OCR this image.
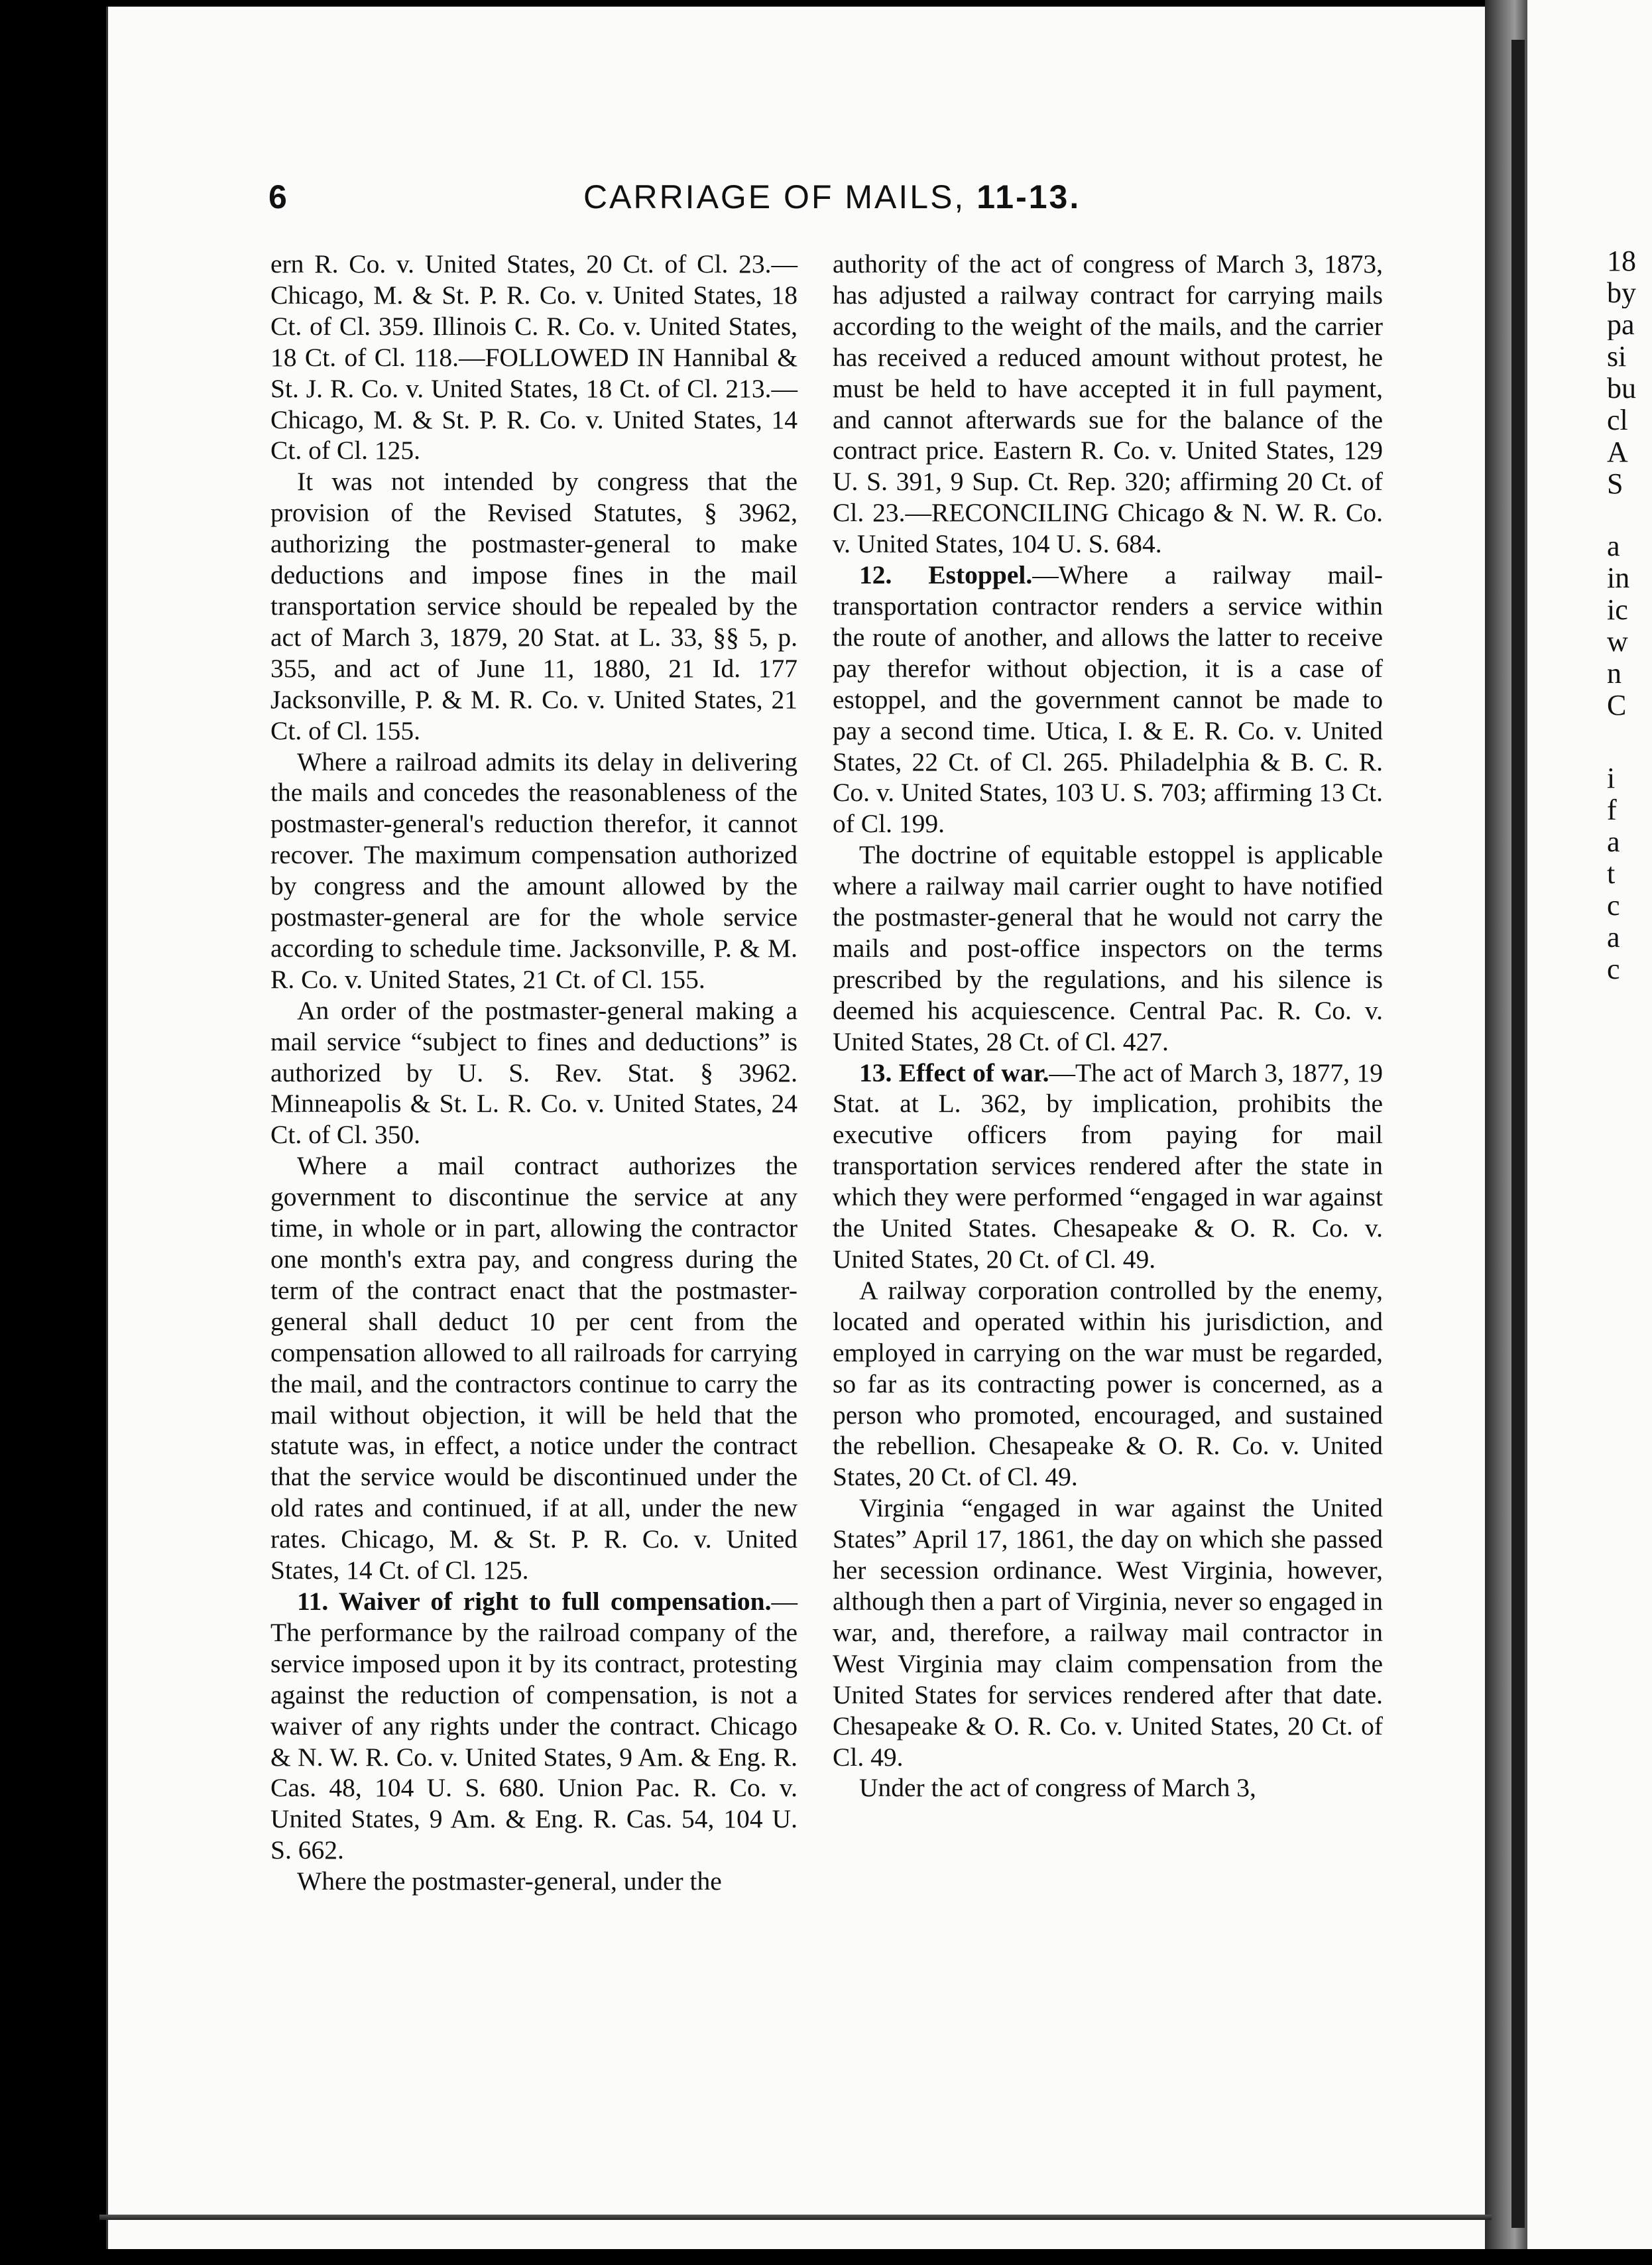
6	CARRIAGE OF MAILS, 11-13.

ern R. Co. v. United States, 20 Ct. of Cl. 23.—Chicago, M. & St. P. R. Co. v. United States, 18 Ct. of Cl. 359. Illinois C. R. Co. v. United States, 18 Ct. of Cl. 118.—FOLLOWED IN Hannibal & St. J. R. Co. v. United States, 18 Ct. of Cl. 213.—Chicago, M. & St. P. R. Co. v. United States, 14 Ct. of Cl. 125.

It was not intended by congress that the provision of the Revised Statutes, § 3962, authorizing the postmaster-general to make deductions and impose fines in the mail transportation service should be repealed by the act of March 3, 1879, 20 Stat. at L. 33, §§ 5, p. 355, and act of June 11, 1880, 21 Id. 177 Jacksonville, P. & M. R. Co. v. United States, 21 Ct. of Cl. 155.

Where a railroad admits its delay in delivering the mails and concedes the reasonableness of the postmaster-general's reduction therefor, it cannot recover. The maximum compensation authorized by congress and the amount allowed by the postmaster-general are for the whole service according to schedule time. Jacksonville, P. & M. R. Co. v. United States, 21 Ct. of Cl. 155.

An order of the postmaster-general making a mail service “subject to fines and deductions” is authorized by U. S. Rev. Stat. § 3962. Minneapolis & St. L. R. Co. v. United States, 24 Ct. of Cl. 350.

Where a mail contract authorizes the government to discontinue the service at any time, in whole or in part, allowing the contractor one month's extra pay, and congress during the term of the contract enact that the postmaster-general shall deduct 10 per cent from the compensation allowed to all railroads for carrying the mail, and the contractors continue to carry the mail without objection, it will be held that the statute was, in effect, a notice under the contract that the service would be discontinued under the old rates and continued, if at all, under the new rates. Chicago, M. & St. P. R. Co. v. United States, 14 Ct. of Cl. 125.

11. Waiver of right to full compensation.—The performance by the railroad company of the service imposed upon it by its contract, protesting against the reduction of compensation, is not a waiver of any rights under the contract. Chicago & N. W. R. Co. v. United States, 9 Am. & Eng. R. Cas. 48, 104 U. S. 680. Union Pac. R. Co. v. United States, 9 Am. & Eng. R. Cas. 54, 104 U. S. 662.

Where the postmaster-general, under the

authority of the act of congress of March 3, 1873, has adjusted a railway contract for carrying mails according to the weight of the mails, and the carrier has received a reduced amount without protest, he must be held to have accepted it in full payment, and cannot afterwards sue for the balance of the contract price. Eastern R. Co. v. United States, 129 U. S. 391, 9 Sup. Ct. Rep. 320; affirming 20 Ct. of Cl. 23.—RECONCILING Chicago & N. W. R. Co. v. United States, 104 U. S. 684.

12. Estoppel.—Where a railway mail-transportation contractor renders a service within the route of another, and allows the latter to receive pay therefor without objection, it is a case of estoppel, and the government cannot be made to pay a second time. Utica, I. & E. R. Co. v. United States, 22 Ct. of Cl. 265. Philadelphia & B. C. R. Co. v. United States, 103 U. S. 703; affirming 13 Ct. of Cl. 199.

The doctrine of equitable estoppel is applicable where a railway mail carrier ought to have notified the postmaster-general that he would not carry the mails and post-office inspectors on the terms prescribed by the regulations, and his silence is deemed his acquiescence. Central Pac. R. Co. v. United States, 28 Ct. of Cl. 427.

13. Effect of war.—The act of March 3, 1877, 19 Stat. at L. 362, by implication, prohibits the executive officers from paying for mail transportation services rendered after the state in which they were performed “engaged in war against the United States. Chesapeake & O. R. Co. v. United States, 20 Ct. of Cl. 49.

A railway corporation controlled by the enemy, located and operated within his jurisdiction, and employed in carrying on the war must be regarded, so far as its contracting power is concerned, as a person who promoted, encouraged, and sustained the rebellion. Chesapeake & O. R. Co. v. United States, 20 Ct. of Cl. 49.

Virginia “engaged in war against the United States” April 17, 1861, the day on which she passed her secession ordinance. West Virginia, however, although then a part of Virginia, never so engaged in war, and, therefore, a railway mail contractor in West Virginia may claim compensation from the United States for services rendered after that date. Chesapeake & O. R. Co. v. United States, 20 Ct. of Cl. 49.

Under the act of congress of March 3,

18
by
pa
si
bu
cl
A
S
a
in
ic
w
n
C
i
f
a
t
c
a
c
